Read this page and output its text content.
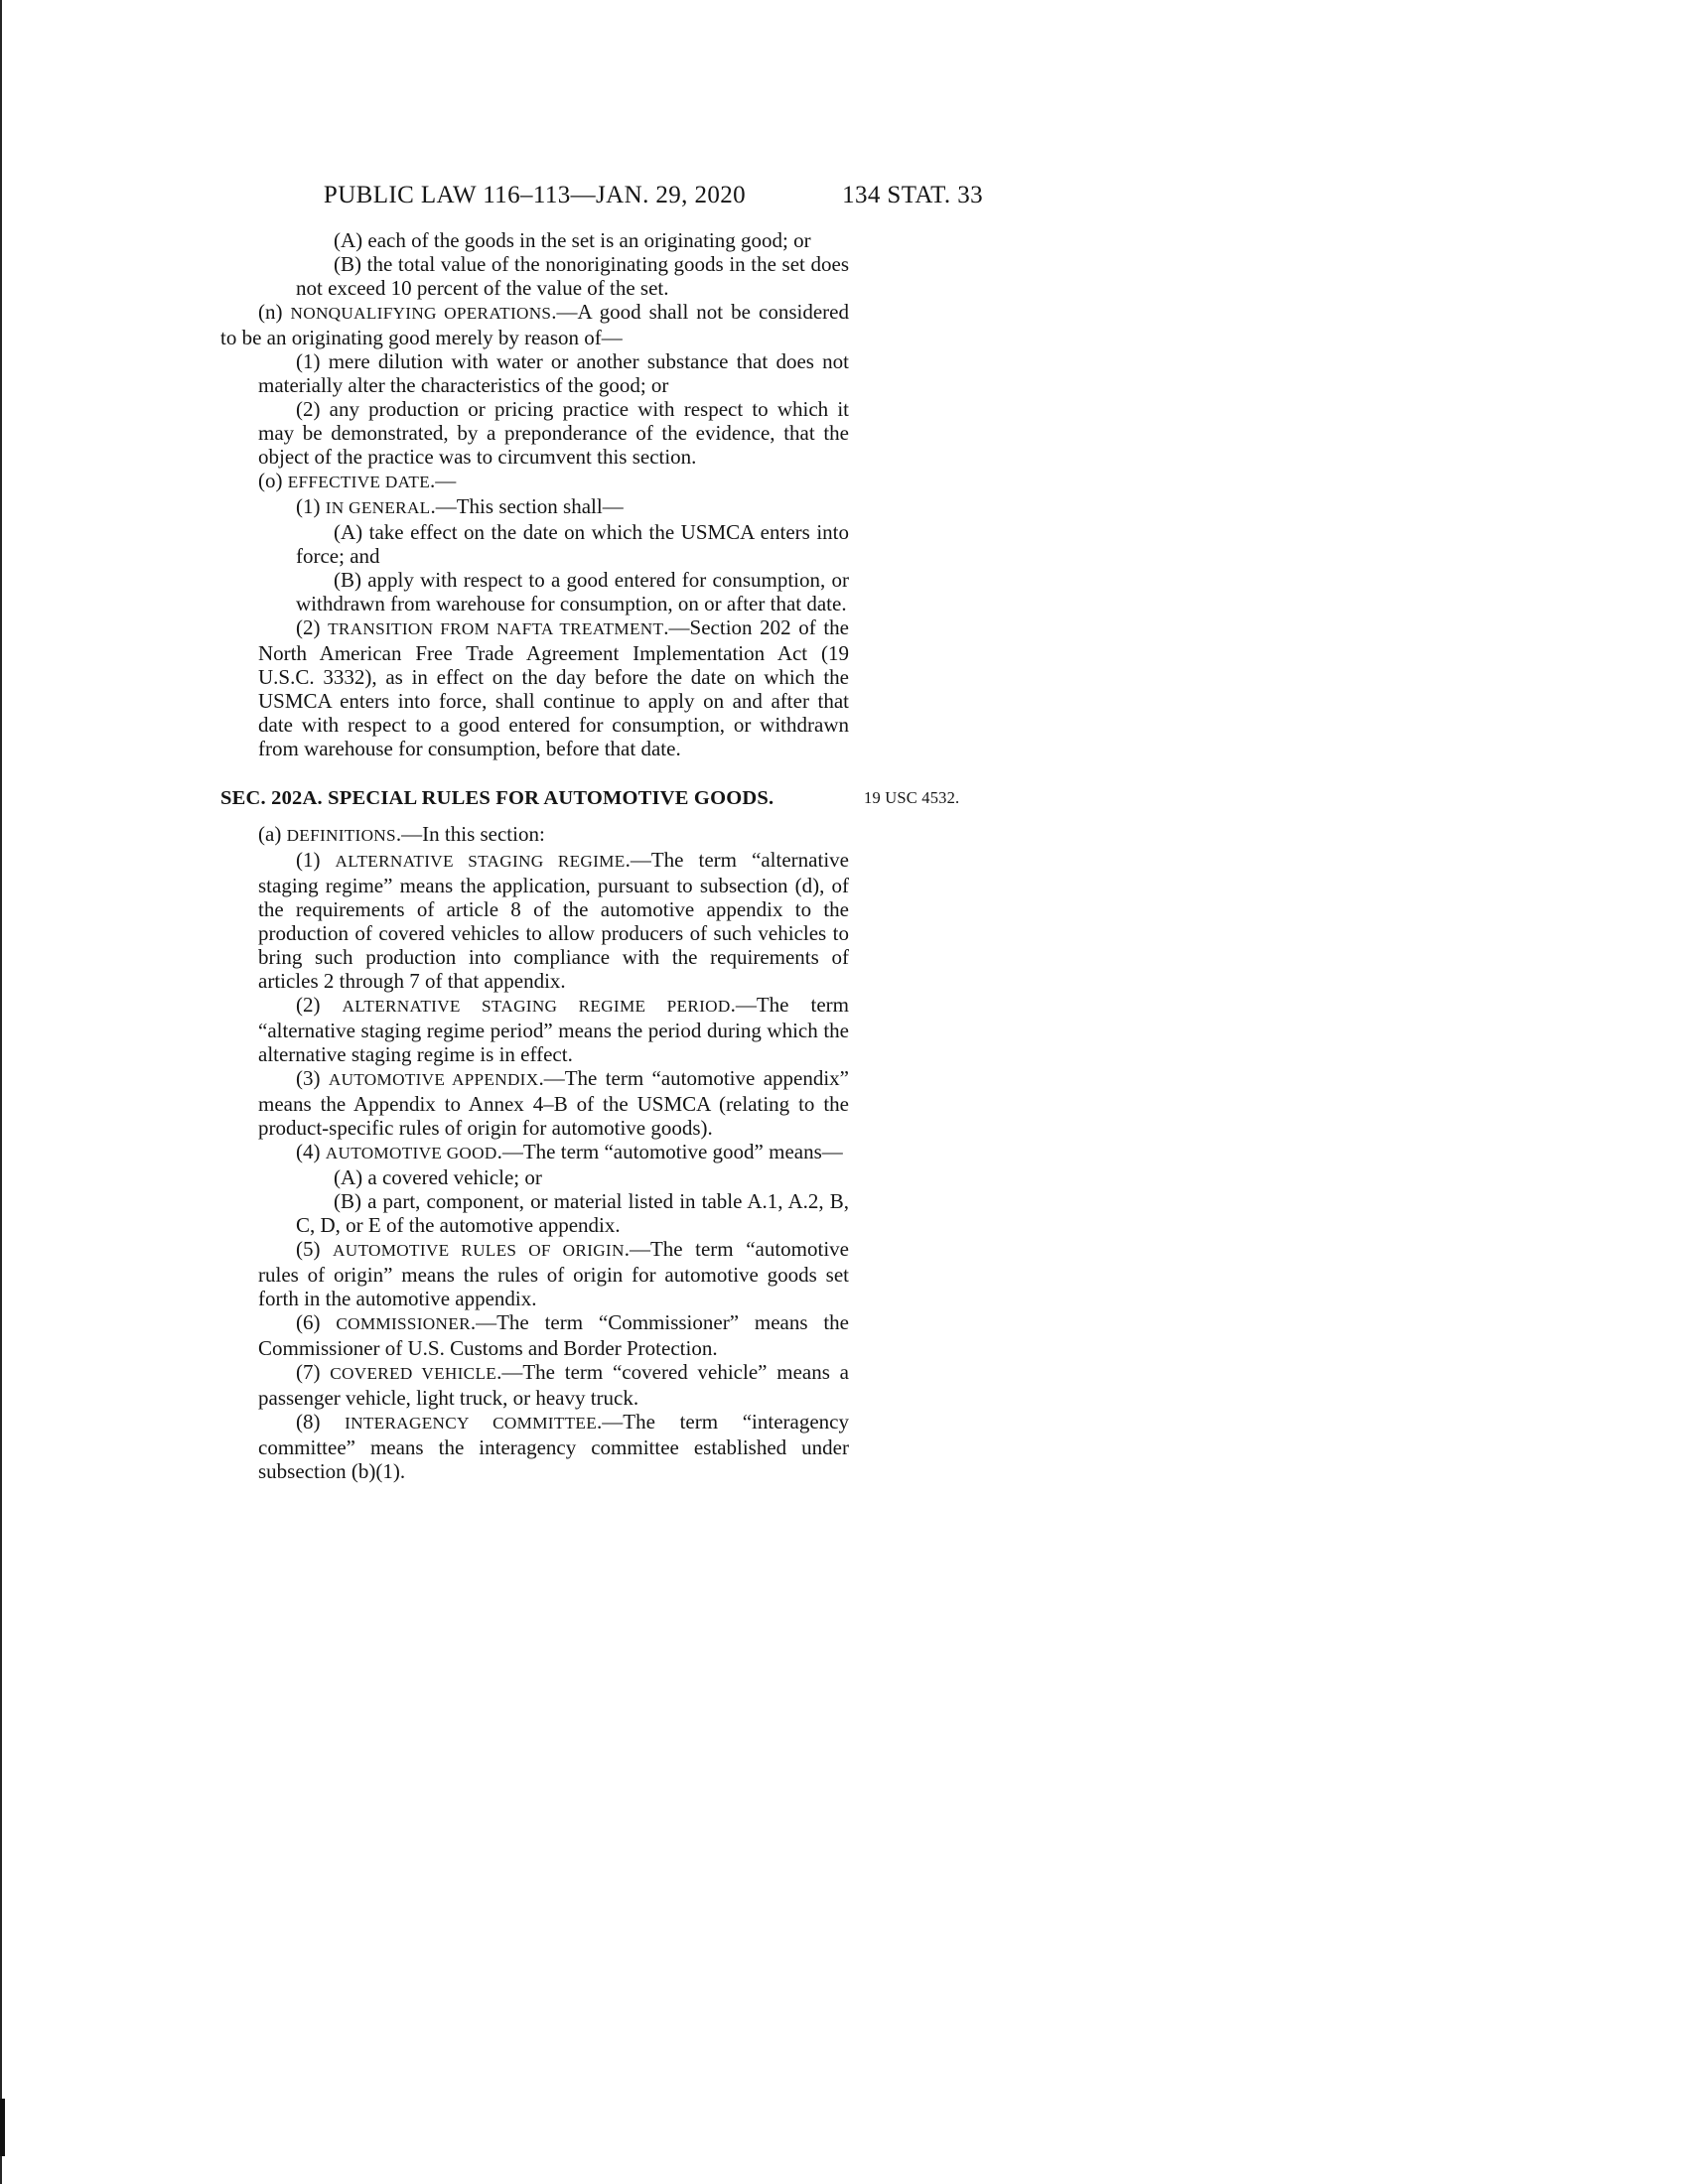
PUBLIC LAW 116–113—JAN. 29, 2020	134 STAT. 33

(A) each of the goods in the set is an originating good; or

(B) the total value of the nonoriginating goods in the set does not exceed 10 percent of the value of the set.

(n) NONQUALIFYING OPERATIONS.—A good shall not be considered to be an originating good merely by reason of—

(1) mere dilution with water or another substance that does not materially alter the characteristics of the good; or

(2) any production or pricing practice with respect to which it may be demonstrated, by a preponderance of the evidence, that the object of the practice was to circumvent this section.

(o) EFFECTIVE DATE.—

(1) IN GENERAL.—This section shall—

(A) take effect on the date on which the USMCA enters into force; and

(B) apply with respect to a good entered for consumption, or withdrawn from warehouse for consumption, on or after that date.

(2) TRANSITION FROM NAFTA TREATMENT.—Section 202 of the North American Free Trade Agreement Implementation Act (19 U.S.C. 3332), as in effect on the day before the date on which the USMCA enters into force, shall continue to apply on and after that date with respect to a good entered for consumption, or withdrawn from warehouse for consumption, before that date.

SEC. 202A. SPECIAL RULES FOR AUTOMOTIVE GOODS.	19 USC 4532.

(a) DEFINITIONS.—In this section:

(1) ALTERNATIVE STAGING REGIME.—The term “alternative staging regime” means the application, pursuant to subsection (d), of the requirements of article 8 of the automotive appendix to the production of covered vehicles to allow producers of such vehicles to bring such production into compliance with the requirements of articles 2 through 7 of that appendix.

(2) ALTERNATIVE STAGING REGIME PERIOD.—The term “alternative staging regime period” means the period during which the alternative staging regime is in effect.

(3) AUTOMOTIVE APPENDIX.—The term “automotive appendix” means the Appendix to Annex 4–B of the USMCA (relating to the product-specific rules of origin for automotive goods).

(4) AUTOMOTIVE GOOD.—The term “automotive good” means—

(A) a covered vehicle; or

(B) a part, component, or material listed in table A.1, A.2, B, C, D, or E of the automotive appendix.

(5) AUTOMOTIVE RULES OF ORIGIN.—The term “automotive rules of origin” means the rules of origin for automotive goods set forth in the automotive appendix.

(6) COMMISSIONER.—The term “Commissioner” means the Commissioner of U.S. Customs and Border Protection.

(7) COVERED VEHICLE.—The term “covered vehicle” means a passenger vehicle, light truck, or heavy truck.

(8) INTERAGENCY COMMITTEE.—The term “interagency committee” means the interagency committee established under subsection (b)(1).
